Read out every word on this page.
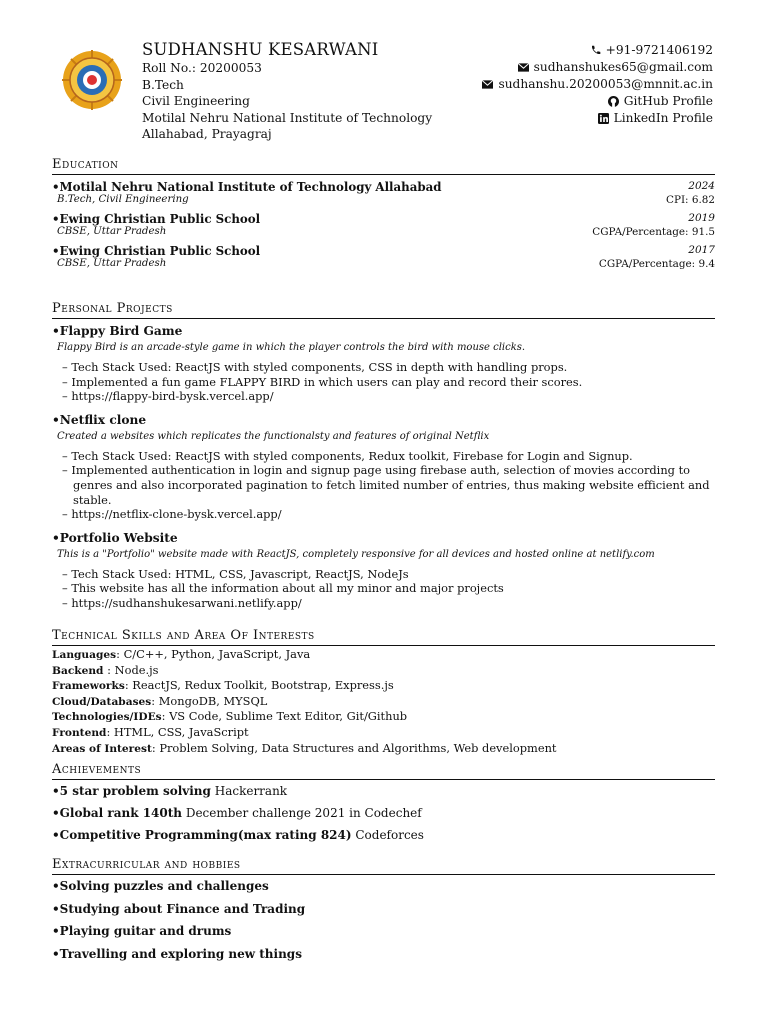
SUDHANSHU KESARWANI
Roll No.: 20200053
B.Tech
Civil Engineering
Motilal Nehru National Institute of Technology
Allahabad, Prayagraj
+91-9721406192
sudhanshukes65@gmail.com
sudhanshu.20200053@mnnit.ac.in
GitHub Profile
LinkedIn Profile
Education
•Motilal Nehru National Institute of Technology Allahabad	2024
B.Tech, Civil Engineering	CPI: 6.82
•Ewing Christian Public School	2019
CBSE, Uttar Pradesh	CGPA/Percentage: 91.5
•Ewing Christian Public School	2017
CBSE, Uttar Pradesh	CGPA/Percentage: 9.4
Personal Projects
•Flappy Bird Game
Flappy Bird is an arcade-style game in which the player controls the bird with mouse clicks.
– Tech Stack Used: ReactJS with styled components, CSS in depth with handling props.
– Implemented a fun game FLAPPY BIRD in which users can play and record their scores.
– https://flappy-bird-bysk.vercel.app/
•Netflix clone
Created a websites which replicates the functionalsty and features of original Netflix
– Tech Stack Used: ReactJS with styled components, Redux toolkit, Firebase for Login and Signup.
– Implemented authentication in login and signup page using firebase auth, selection of movies according to genres and also incorporated pagination to fetch limited number of entries, thus making website efficient and stable.
– https://netflix-clone-bysk.vercel.app/
•Portfolio Website
This is a "Portfolio" website made with ReactJS, completely responsive for all devices and hosted online at netlify.com
– Tech Stack Used: HTML, CSS, Javascript, ReactJS, NodeJs
– This website has all the information about all my minor and major projects
– https://sudhanshukesarwani.netlify.app/
Technical Skills and Area Of Interests
Languages: C/C++, Python, JavaScript, Java
Backend : Node.js
Frameworks: ReactJS, Redux Toolkit, Bootstrap, Express.js
Cloud/Databases: MongoDB, MYSQL
Technologies/IDEs: VS Code, Sublime Text Editor, Git/Github
Frontend: HTML, CSS, JavaScript
Areas of Interest: Problem Solving, Data Structures and Algorithms, Web development
Achievements
•5 star problem solving Hackerrank
•Global rank 140th December challenge 2021 in Codechef
•Competitive Programming(max rating 824) Codeforces
Extracurricular and hobbies
•Solving puzzles and challenges
•Studying about Finance and Trading
•Playing guitar and drums
•Travelling and exploring new things
